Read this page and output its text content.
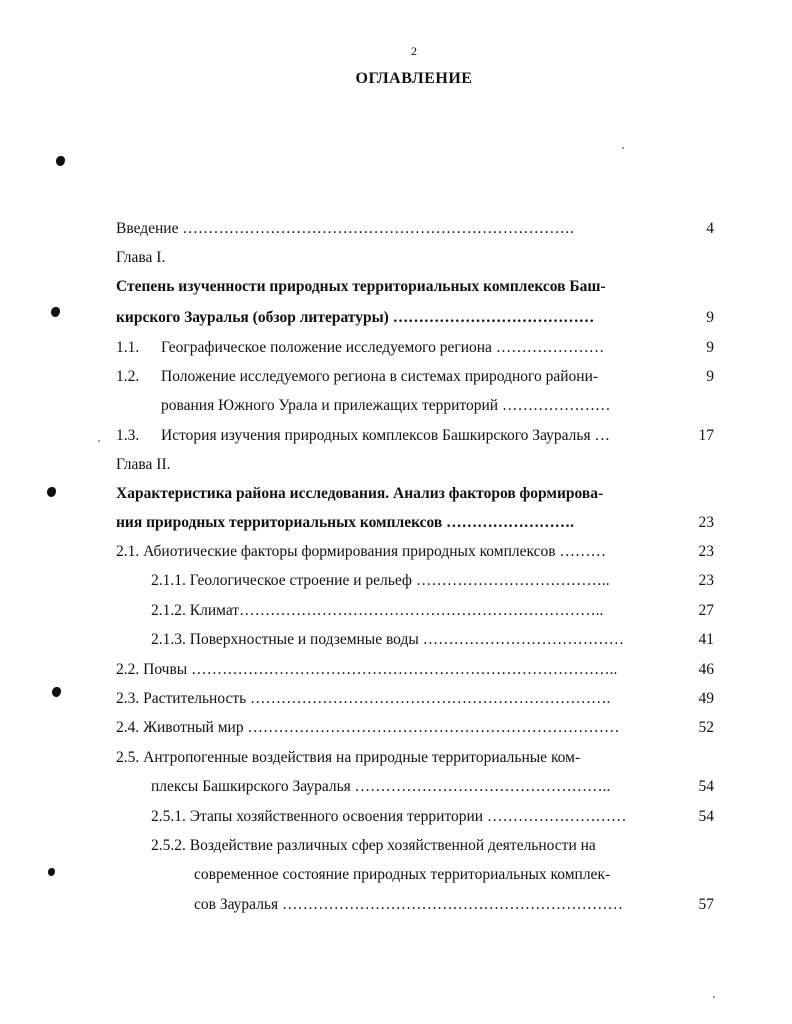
2
ОГЛАВЛЕНИЕ
Введение ………………………………………………………………….	4
Глава I.
Степень изученности природных территориальных комплексов Баш-
кирского Зауралья (обзор литературы) …………………………………	9
1.1. Географическое положение исследуемого региона …………………	9
1.2. Положение исследуемого региона в системах природного райони-	9
рования Южного Урала и прилежащих территорий …………………
1.3. История изучения природных комплексов Башкирского Зауралья …	17
Глава II.
Характеристика района исследования. Анализ факторов формирова-
ния природных территориальных комплексов …………………….	23
2.1. Абиотические факторы формирования природных комплексов ………	23
2.1.1. Геологическое строение и рельеф ………………………………..	23
2.1.2. Климат……………………………………………………………..	27
2.1.3. Поверхностные и подземные воды …………………………………	41
2.2. Почвы ………………………………………………………………………..	46
2.3. Растительность …………………………………………………………….	49
2.4. Животный мир ………………………………………………………………	52
2.5. Антропогенные воздействия на природные территориальные ком-
плексы Башкирского Зауралья …………………………………………..	54
2.5.1. Этапы хозяйственного освоения территории ………………………	54
2.5.2. Воздействие различных сфер хозяйственной деятельности на
современное состояние природных территориальных комплек-
сов Зауралья …………………………………………………………	57
